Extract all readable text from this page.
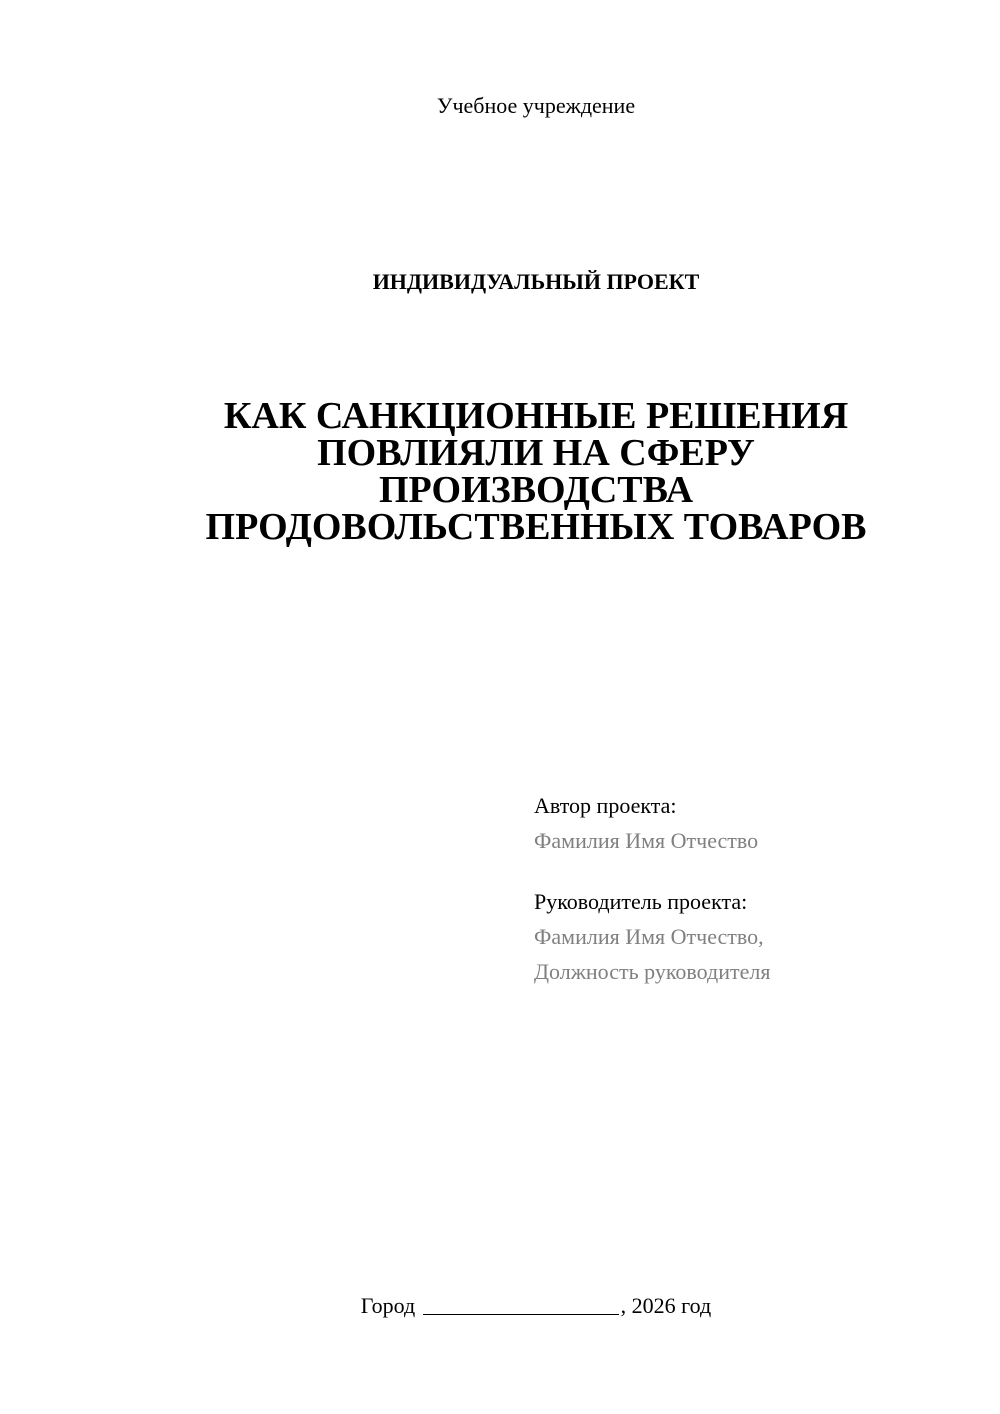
Учебное учреждение
ИНДИВИДУАЛЬНЫЙ ПРОЕКТ
КАК САНКЦИОННЫЕ РЕШЕНИЯ
ПОВЛИЯЛИ НА СФЕРУ
ПРОИЗВОДСТВА
ПРОДОВОЛЬСТВЕННЫХ ТОВАРОВ
Автор проекта:
Фамилия Имя Отчество
Руководитель проекта:
Фамилия Имя Отчество,
Должность руководителя
Город	, 2026 год
